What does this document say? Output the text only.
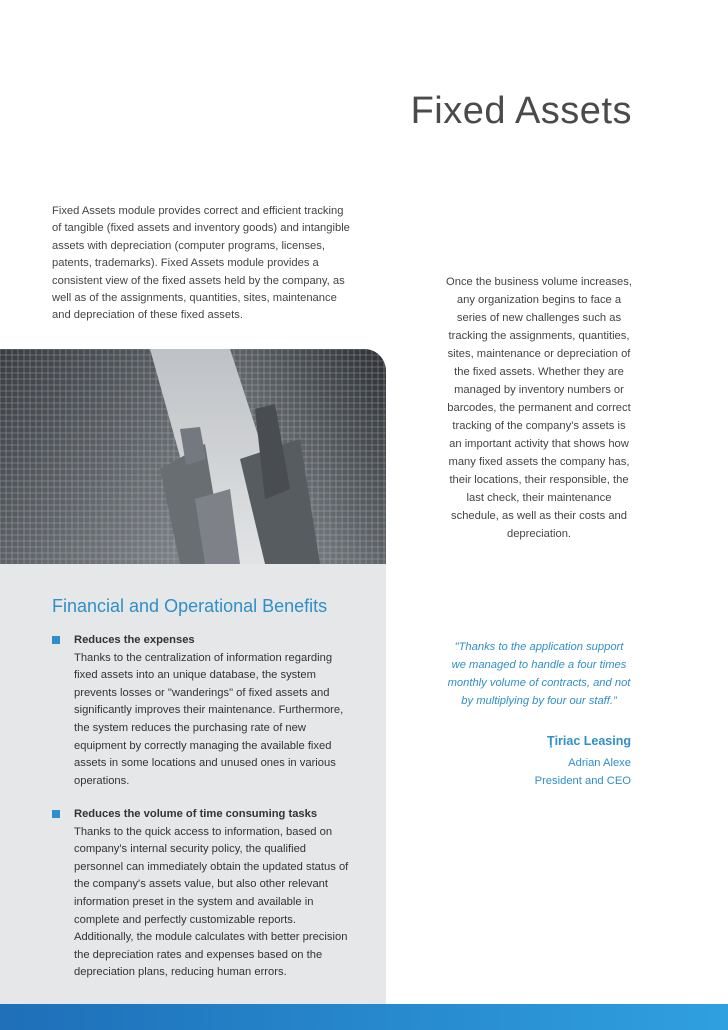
Fixed Assets
Fixed Assets module provides correct and efficient tracking of tangible (fixed assets and inventory goods) and intangible assets with depreciation (computer programs, licenses, patents, trademarks). Fixed Assets module provides a consistent view of the fixed assets held by the company, as well as of the assignments, quantities, sites, maintenance and depreciation of these fixed assets.
Financial and Operational Benefits
Reduces the expenses
Thanks to the centralization of information regarding fixed assets into an unique database, the system prevents losses or "wanderings" of fixed assets and significantly improves their maintenance. Furthermore, the system reduces the purchasing rate of new equipment by correctly managing the available fixed assets in some locations and unused ones in various operations.
Reduces the volume of time consuming tasks
Thanks to the quick access to information, based on company's internal security policy, the qualified personnel can immediately obtain the updated status of the company's assets value, but also other relevant information preset in the system and available in complete and perfectly customizable reports. Additionally, the module calculates with better precision the depreciation rates and expenses based on the depreciation plans, reducing human errors.
Once the business volume increases, any organization begins to face a series of new challenges such as tracking the assignments, quantities, sites, maintenance or depreciation of the fixed assets. Whether they are managed by inventory numbers or barcodes, the permanent and correct tracking of the company's assets is an important activity that shows how many fixed assets the company has, their locations, their responsible, the last check, their maintenance schedule, as well as their costs and depreciation.
"Thanks to the application support we managed to handle a four times monthly volume of contracts, and not by multiplying by four our staff.”
Ţiriac Leasing
Adrian Alexe
President and CEO
